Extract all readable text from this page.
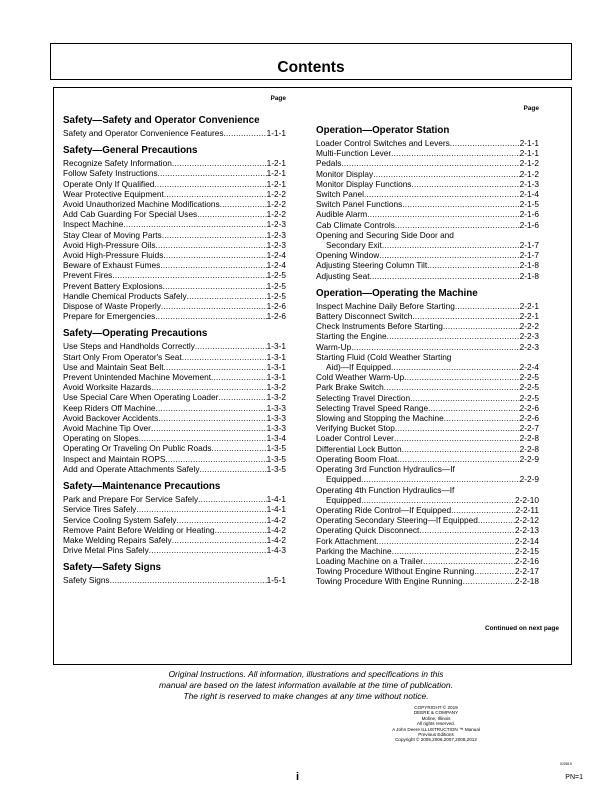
Contents
Page
Safety—Safety and Operator Convenience
Safety and Operator Convenience Features .....	1-1-1
Safety—General Precautions
Recognize Safety Information .....	1-2-1
Follow Safety Instructions .....	1-2-1
Operate Only If Qualified .....	1-2-1
Wear Protective Equipment .....	1-2-2
Avoid Unauthorized Machine Modifications .....	1-2-2
Add Cab Guarding For Special Uses .....	1-2-2
Inspect Machine .....	1-2-3
Stay Clear of Moving Parts .....	1-2-3
Avoid High-Pressure Oils .....	1-2-3
Avoid High-Pressure Fluids .....	1-2-4
Beware of Exhaust Fumes .....	1-2-4
Prevent Fires .....	1-2-5
Prevent Battery Explosions .....	1-2-5
Handle Chemical Products Safely .....	1-2-5
Dispose of Waste Properly .....	1-2-6
Prepare for Emergencies .....	1-2-6
Safety—Operating Precautions
Use Steps and Handholds Correctly .....	1-3-1
Start Only From Operator's Seat .....	1-3-1
Use and Maintain Seat Belt .....	1-3-1
Prevent Unintended Machine Movement .....	1-3-1
Avoid Worksite Hazards .....	1-3-2
Use Special Care When Operating Loader .....	1-3-2
Keep Riders Off Machine .....	1-3-3
Avoid Backover Accidents .....	1-3-3
Avoid Machine Tip Over .....	1-3-3
Operating on Slopes .....	1-3-4
Operating Or Traveling On Public Roads .....	1-3-5
Inspect and Maintain ROPS .....	1-3-5
Add and Operate Attachments Safely .....	1-3-5
Safety—Maintenance Precautions
Park and Prepare For Service Safely .....	1-4-1
Service Tires Safely .....	1-4-1
Service Cooling System Safely .....	1-4-2
Remove Paint Before Welding or Heating .....	1-4-2
Make Welding Repairs Safely .....	1-4-2
Drive Metal Pins Safely .....	1-4-3
Safety—Safety Signs
Safety Signs .....	1-5-1
Page
Operation—Operator Station
Loader Control Switches and Levers .....	2-1-1
Multi-Function Lever .....	2-1-1
Pedals .....	2-1-2
Monitor Display .....	2-1-2
Monitor Display Functions .....	2-1-3
Switch Panel .....	2-1-4
Switch Panel Functions .....	2-1-5
Audible Alarm .....	2-1-6
Cab Climate Controls .....	2-1-6
Opening and Securing Side Door and
Secondary Exit .....	2-1-7
Opening Window .....	2-1-7
Adjusting Steering Column Tilt .....	2-1-8
Adjusting Seat .....	2-1-8
Operation—Operating the Machine
Inspect Machine Daily Before Starting .....	2-2-1
Battery Disconnect Switch .....	2-2-1
Check Instruments Before Starting .....	2-2-2
Starting the Engine .....	2-2-3
Warm-Up .....	2-2-3
Starting Fluid (Cold Weather Starting
Aid)—If Equipped .....	2-2-4
Cold Weather Warm-Up .....	2-2-5
Park Brake Switch .....	2-2-5
Selecting Travel Direction .....	2-2-5
Selecting Travel Speed Range .....	2-2-6
Slowing and Stopping the Machine .....	2-2-6
Verifying Bucket Stop .....	2-2-7
Loader Control Lever .....	2-2-8
Differential Lock Button .....	2-2-8
Operating Boom Float .....	2-2-9
Operating 3rd Function Hydraulics—If
Equipped .....	2-2-9
Operating 4th Function Hydraulics—If
Equipped .....	2-2-10
Operating Ride Control—If Equipped .....	2-2-11
Operating Secondary Steering—If Equipped .....	2-2-12
Operating Quick Disconnect .....	2-2-13
Fork Attachment .....	2-2-14
Parking the Machine .....	2-2-15
Loading Machine on a Trailer .....	2-2-16
Towing Procedure Without Engine Running .....	2-2-17
Towing Procedure With Engine Running .....	2-2-18
Continued on next page
Original Instructions. All information, illustrations and specifications in this
manual are based on the latest information available at the time of publication.
The right is reserved to make changes at any time without notice.
COPYRIGHT © 2019
DEERE & COMPANY
Moline, Illinois
All rights reserved.
A John Deere ILLUSTRUCTION ™ Manual
Previous Editions
Copyright © 2005,2006,2007,2008,2012
020819
i	PN=1
